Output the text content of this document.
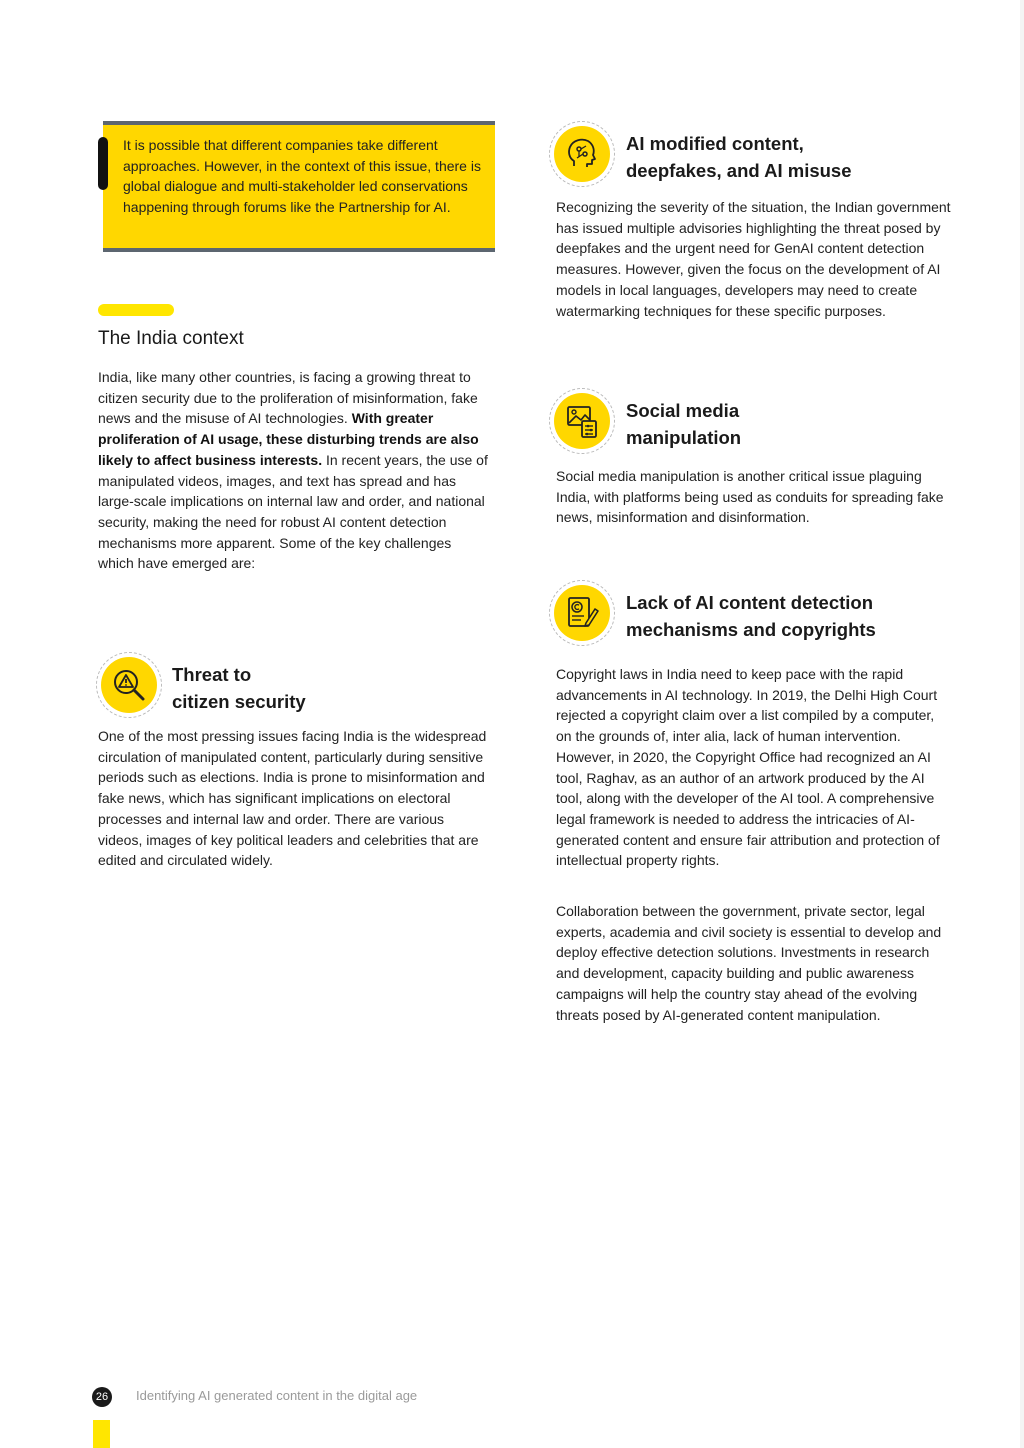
It is possible that different companies take different approaches. However, in the context of this issue, there is global dialogue and multi-stakeholder led conservations happening through forums like the Partnership for AI.

The India context

India, like many other countries, is facing a growing threat to citizen security due to the proliferation of misinformation, fake news and the misuse of AI technologies. With greater proliferation of AI usage, these disturbing trends are also likely to affect business interests. In recent years, the use of manipulated videos, images, and text has spread and has large-scale implications on internal law and order, and national security, making the need for robust AI content detection mechanisms more apparent. Some of the key challenges which have emerged are:

Threat to
citizen security

One of the most pressing issues facing India is the widespread circulation of manipulated content, particularly during sensitive periods such as elections. India is prone to misinformation and fake news, which has significant implications on electoral processes and internal law and order. There are various videos, images of key political leaders and celebrities that are edited and circulated widely.

AI modified content,
deepfakes, and AI misuse

Recognizing the severity of the situation, the Indian government has issued multiple advisories highlighting the threat posed by deepfakes and the urgent need for GenAI content detection measures. However, given the focus on the development of AI models in local languages, developers may need to create watermarking techniques for these specific purposes.

Social media
manipulation

Social media manipulation is another critical issue plaguing India, with platforms being used as conduits for spreading fake news, misinformation and disinformation.

Lack of AI content detection
mechanisms and copyrights

Copyright laws in India need to keep pace with the rapid advancements in AI technology. In 2019, the Delhi High Court rejected a copyright claim over a list compiled by a computer, on the grounds of, inter alia, lack of human intervention. However, in 2020, the Copyright Office had recognized an AI tool, Raghav, as an author of an artwork produced by the AI tool, along with the developer of the AI tool. A comprehensive legal framework is needed to address the intricacies of AI-generated content and ensure fair attribution and protection of intellectual property rights.

Collaboration between the government, private sector, legal experts, academia and civil society is essential to develop and deploy effective detection solutions. Investments in research and development, capacity building and public awareness campaigns will help the country stay ahead of the evolving threats posed by AI-generated content manipulation.

26 Identifying AI generated content in the digital age
